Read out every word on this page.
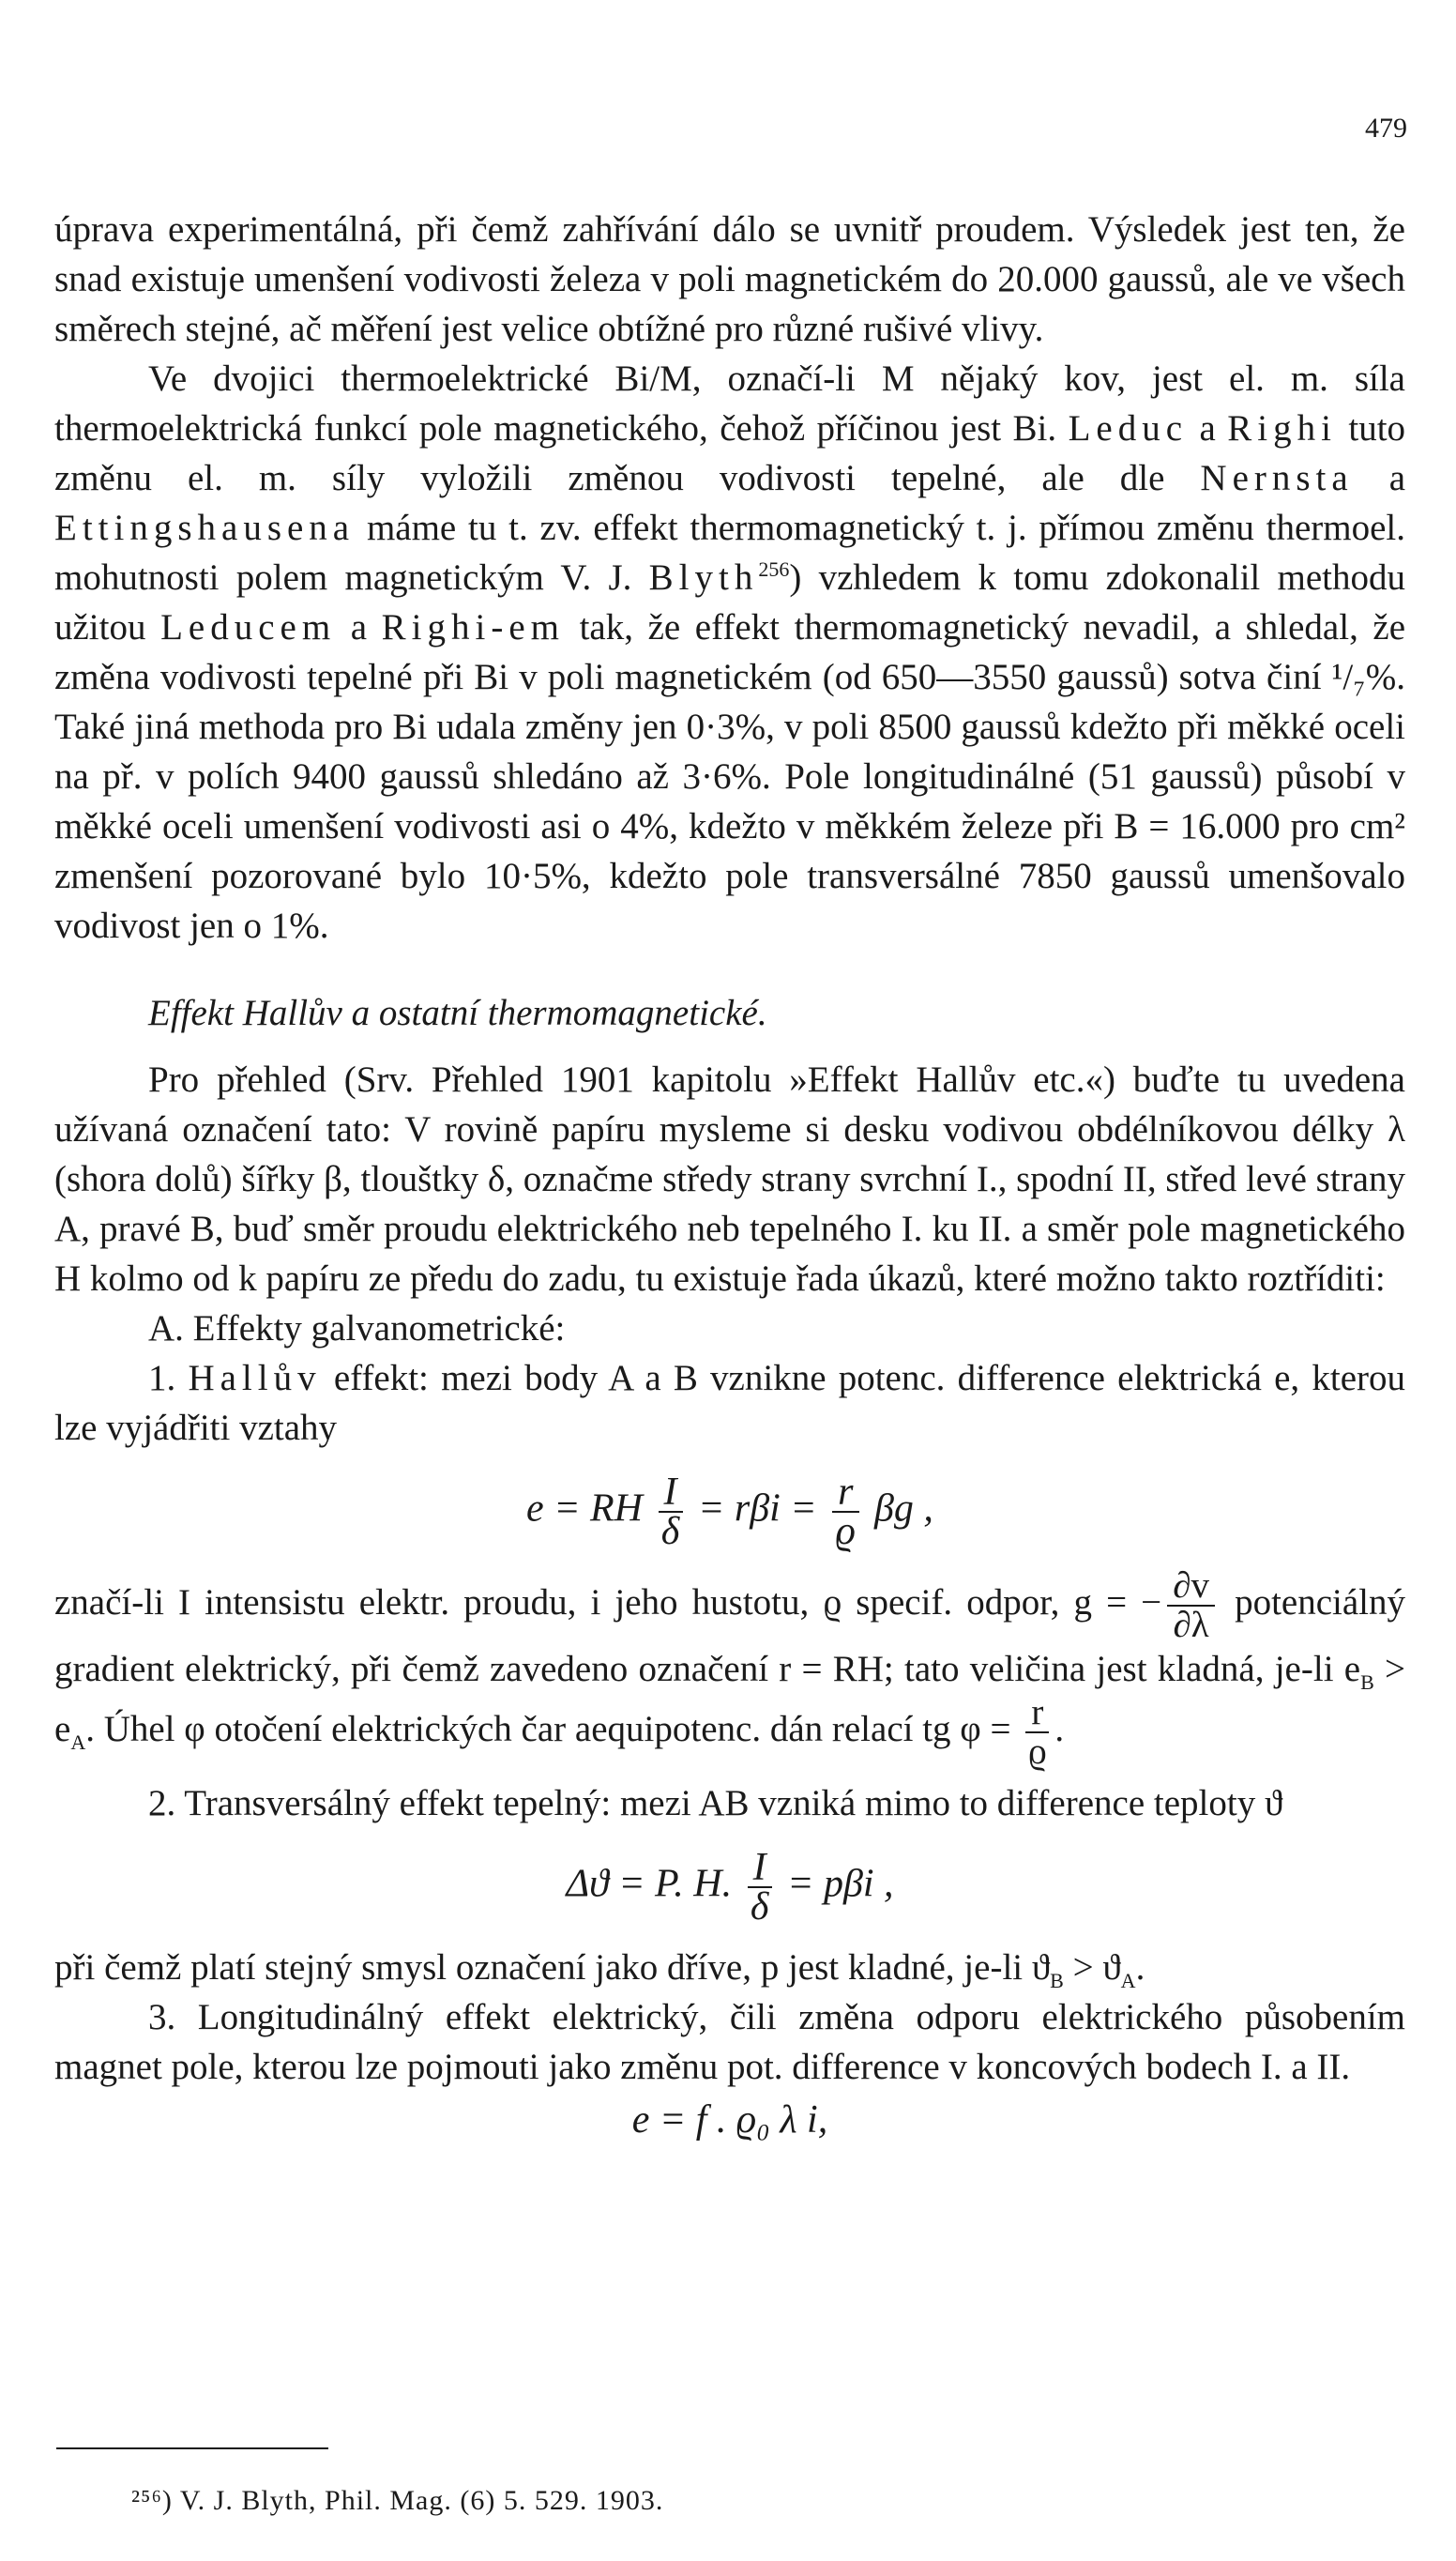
479

úprava experimentálná, při čemž zahřívání dálo se uvnitř proudem. Výsledek jest ten, že snad existuje umenšení vodivosti železa v poli magnetickém do 20.000 gaussů, ale ve všech směrech stejné, ač měření jest velice obtížné pro různé rušivé vlivy.

Ve dvojici thermoelektrické Bi/M, označí-li M nějaký kov, jest el. m. síla thermoelektrická funkcí pole magnetického, čehož příčinou jest Bi. Leduc a Righi tuto změnu el. m. síly vyložili změnou vodivosti tepelné, ale dle Nernsta a Ettingshausena máme tu t. zv. effekt thermomagnetický t. j. přímou změnu thermoel. mohutnosti polem magnetickým V. J. Blyth$^{256}$) vzhledem k tomu zdokonalil methodu užitou Leducem a Righi-em tak, že effekt thermomagnetický nevadil, a shledal, že změna vodivosti tepelné při Bi v poli magnetickém (od 650—3550 gaussů) sotva činí ¹/₇%. Také jiná methoda pro Bi udala změny jen 0·3%, v poli 8500 gaussů kdežto při měkké oceli na př. v polích 9400 gaussů shledáno až 3·6%. Pole longitudinálné (51 gaussů) působí v měkké oceli umenšení vodivosti asi o 4%, kdežto v měkkém železe při B = 16.000 pro cm² zmenšení pozorované bylo 10·5%, kdežto pole transversálné 7850 gaussů umenšovalo vodivost jen o 1%.

Effekt Hallův a ostatní thermomagnetické.

Pro přehled (Srv. Přehled 1901 kapitolu »Effekt Hallův etc.«) buďte tu uvedena užívaná označení tato: V rovině papíru mysleme si desku vodivou obdélníkovou délky λ (shora dolů) šířky β, tlouštky δ, označme středy strany svrchní I., spodní II, střed levé strany A, pravé B, buď směr proudu elektrického neb tepelného I. ku II. a směr pole magnetického H kolmo od k papíru ze předu do zadu, tu existuje řada úkazů, které možno takto roztříditi:

A. Effekty galvanometrické:

1. Hallův effekt: mezi body A a B vznikne potenc. difference elektrická e, kterou lze vyjádřiti vztahy

e = RH $\frac{I}{\delta} = r\beta i = \frac{r}{ϱ}$ βg ,

značí-li I intensistu elektr. proudu, i jeho hustotu, ϱ specif. odpor, g = − $\frac{\partial v}{\partial\lambda}$ potenciálný gradient elektrický, při čemž zavedeno označení r = RH; tato veličina jest kladná, je-li $e_B > e_A$. Úhel φ otočení elektrických čar aequipotenc. dán relací tg $\varphi = \frac{r}{ϱ}$ .

2. Transversálný effekt tepelný: mezi AB vzniká mimo to difference teploty ϑ

Δϑ = P. H. $\frac{I}{\delta} = p\beta i$ ,

při čemž platí stejný smysl označení jako dříve, p jest kladné, je-li $ϑ_B > ϑ_A$.

3. Longitudinálný effekt elektrický, čili změna odporu elektrického působením magnet pole, kterou lze pojmouti jako změnu pot. difference v koncových bodech I. a II.

e = f . ϱ₀ λ i,

²⁵⁶) V. J. Blyth, Phil. Mag. (6) 5. 529. 1903.
